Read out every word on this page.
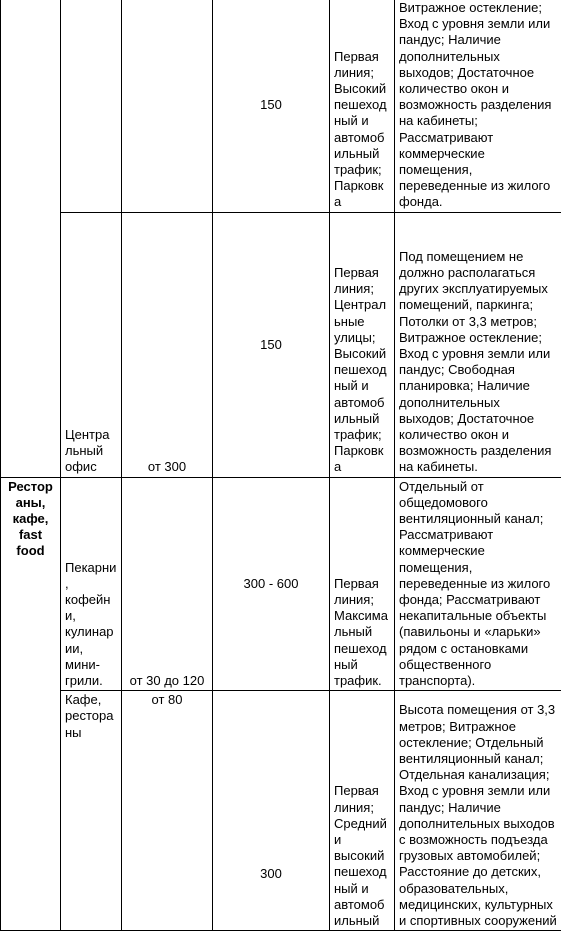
			150	Первая линия; Высокий пешеходный и автомобильный трафик; Парковка	Витражное остекление; Вход с уровня земли или пандус; Наличие дополнительных выходов; Достаточное количество окон и возможность разделения на кабинеты; Рассматривают коммерческие помещения, переведенные из жилого фонда.
	Центральный офис	от 300	150	Первая линия; Центральные улицы; Высокий пешеходный и автомобильный трафик; Парковка	Под помещением не должно располагаться других эксплуатируемых помещений, паркинга; Потолки от 3,3 метров; Витражное остекление; Вход с уровня земли или пандус; Свободная планировка; Наличие дополнительных выходов; Достаточное количество окон и возможность разделения на кабинеты.
Рестораны, кафе, fast food	Пекарни, кофейни, кулинарии, мини-грили.	от 30 до 120	300 - 600	Первая линия; Максимальный пешеходный трафик.	Отдельный от общедомового вентиляционный канал; Рассматривают коммерческие помещения, переведенные из жилого фонда; Рассматривают некапитальные объекты (павильоны и «ларьки» рядом с остановками общественного транспорта).
	Кафе, рестораны	от 80	300	Первая линия; Средний и высокий пешеходный и автомобильный	Высота помещения от 3,3 метров; Витражное остекление; Отдельный вентиляционный канал; Отдельная канализация; Вход с уровня земли или пандус; Наличие дополнительных выходов с возможность подъезда грузовых автомобилей; Расстояние до детских, образовательных, медицинских, культурных и спортивных сооружений
